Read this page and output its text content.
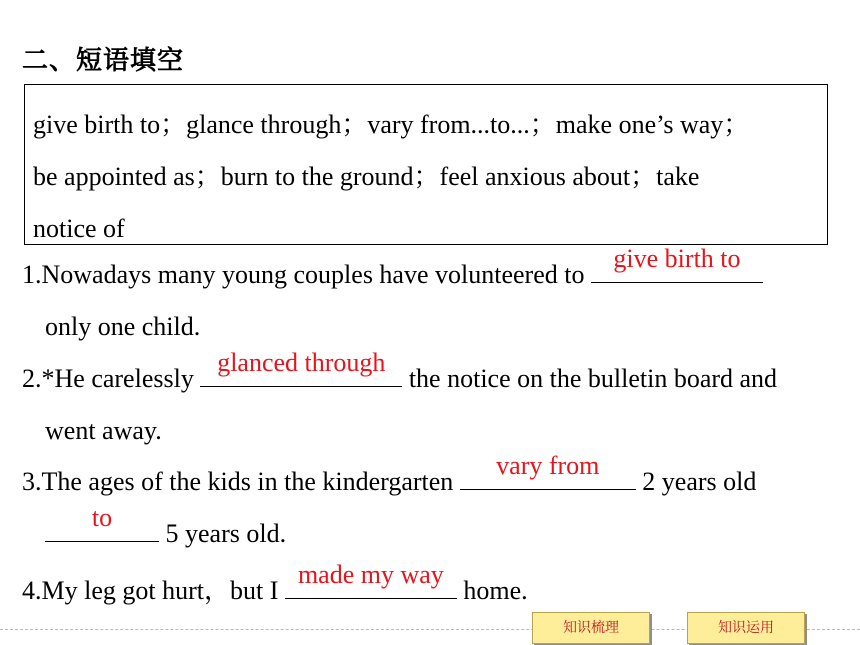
二、短语填空
give birth to；glance through；vary from...to...；make one’s way；
be appointed as；burn to the ground；feel anxious about；take
notice of
1.Nowadays many young couples have volunteered to
give birth to
only one child.
2.*He carelessly
glanced through
the notice on the bulletin board and
went away.
3.The ages of the kids in the kindergarten
vary from
2 years old
to
5 years old.
4.My leg got hurt，but I
made my way
home.
知识梳理	知识运用
